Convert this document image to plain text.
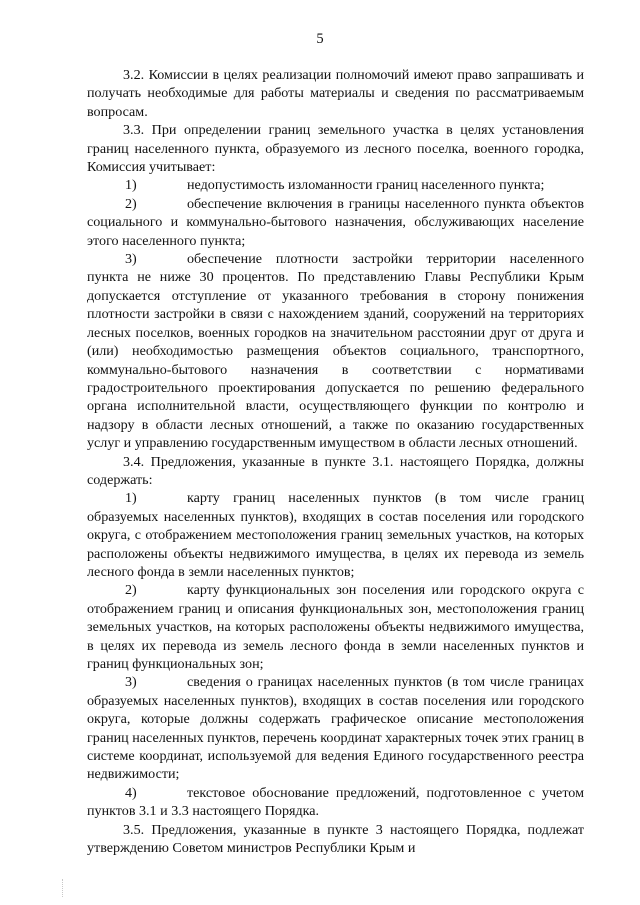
5

3.2. Комиссии в целях реализации полномочий имеют право запрашивать и получать необходимые для работы материалы и сведения по рассматриваемым вопросам.

3.3. При определении границ земельного участка в целях установления границ населенного пункта, образуемого из лесного поселка, военного городка, Комиссия учитывает:

1)	недопустимость изломанности границ населенного пункта;

2)	обеспечение включения в границы населенного пункта объектов социального и коммунально-бытового назначения, обслуживающих население этого населенного пункта;

3)	обеспечение плотности застройки территории населенного пункта не ниже 30 процентов. По представлению Главы Республики Крым допускается отступление от указанного требования в сторону понижения плотности застройки в связи с нахождением зданий, сооружений на территориях лесных поселков, военных городков на значительном расстоянии друг от друга и (или) необходимостью размещения объектов социального, транспортного, коммунально-бытового назначения в соответствии с нормативами градостроительного проектирования допускается по решению федерального органа исполнительной власти, осуществляющего функции по контролю и надзору в области лесных отношений, а также по оказанию государственных услуг и управлению государственным имуществом в области лесных отношений.

3.4. Предложения, указанные в пункте 3.1. настоящего Порядка, должны содержать:

1)	карту границ населенных пунктов (в том числе границ образуемых населенных пунктов), входящих в состав поселения или городского округа, с отображением местоположения границ земельных участков, на которых расположены объекты недвижимого имущества, в целях их перевода из земель лесного фонда в земли населенных пунктов;

2)	карту функциональных зон поселения или городского округа с отображением границ и описания функциональных зон, местоположения границ земельных участков, на которых расположены объекты недвижимого имущества, в целях их перевода из земель лесного фонда в земли населенных пунктов и границ функциональных зон;

3)	сведения о границах населенных пунктов (в том числе границах образуемых населенных пунктов), входящих в состав поселения или городского округа, которые должны содержать графическое описание местоположения границ населенных пунктов, перечень координат характерных точек этих границ в системе координат, используемой для ведения Единого государственного реестра недвижимости;

4)	текстовое обоснование предложений, подготовленное с учетом пунктов 3.1 и 3.3 настоящего Порядка.

3.5. Предложения, указанные в пункте 3 настоящего Порядка, подлежат утверждению Советом министров Республики Крым и
